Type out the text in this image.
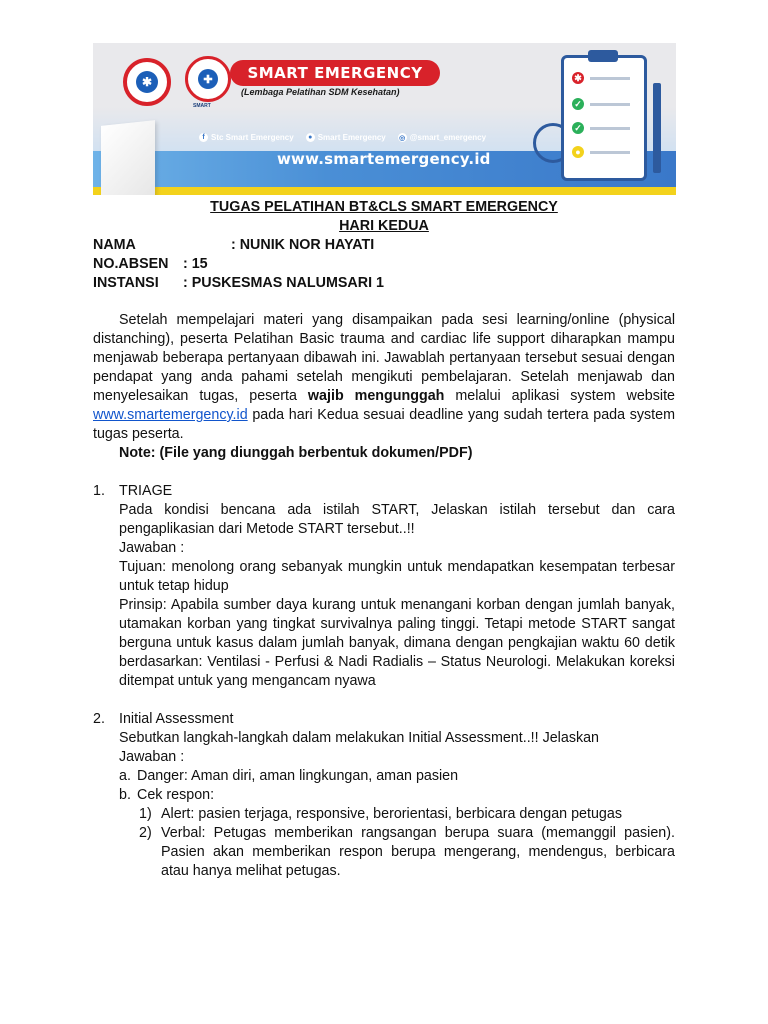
✱	✚
SMART
SMART EMERGENCY
(Lembaga Pelatihan SDM Kesehatan)
f Stc Smart Emergency	● Smart Emergency ◎ @smart_emergency
www.smartemergency.id
✱
✓
✓
●
TUGAS PELATIHAN BT&CLS SMART EMERGENCY
HARI KEDUA
NAMA	: NUNIK NOR HAYATI
NO.ABSEN	: 15
INSTANSI	: PUSKESMAS NALUMSARI 1
Setelah mempelajari materi yang disampaikan pada sesi learning/online (physical distanching), peserta Pelatihan Basic trauma and cardiac life support diharapkan mampu menjawab beberapa pertanyaan dibawah ini. Jawablah pertanyaan tersebut sesuai dengan pendapat yang anda pahami setelah mengikuti pembelajaran. Setelah menjawab dan menyelesaikan tugas, peserta wajib mengunggah melalui aplikasi system website www.smartemergency.id pada hari Kedua sesuai deadline yang sudah tertera pada system tugas peserta.
Note: (File yang diunggah berbentuk dokumen/PDF)
1. TRIAGE
Pada kondisi bencana ada istilah START, Jelaskan istilah tersebut dan cara pengaplikasian dari Metode START tersebut..!!
Jawaban :
Tujuan: menolong orang sebanyak mungkin untuk mendapatkan kesempatan terbesar untuk tetap hidup
Prinsip: Apabila sumber daya kurang untuk menangani korban dengan jumlah banyak, utamakan korban yang tingkat survivalnya paling tinggi. Tetapi metode START sangat berguna untuk kasus dalam jumlah banyak, dimana dengan pengkajian waktu 60 detik berdasarkan: Ventilasi - Perfusi & Nadi Radialis – Status Neurologi. Melakukan koreksi ditempat untuk yang mengancam nyawa
2. Initial Assessment
Sebutkan langkah-langkah dalam melakukan Initial Assessment..!! Jelaskan
Jawaban :
a. Danger: Aman diri, aman lingkungan, aman pasien
b. Cek respon:
1) Alert: pasien terjaga, responsive, berorientasi, berbicara dengan petugas
2) Verbal: Petugas memberikan rangsangan berupa suara (memanggil pasien). Pasien akan memberikan respon berupa mengerang, mendengus, berbicara atau hanya melihat petugas.
